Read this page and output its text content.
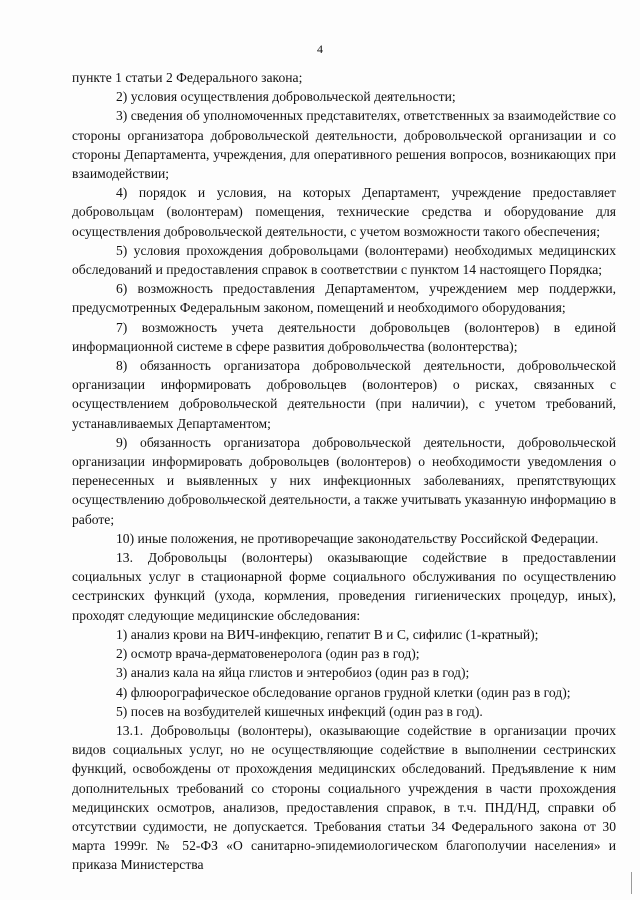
4

пункте 1 статьи 2 Федерального закона;

2) условия осуществления добровольческой деятельности;

3) сведения об уполномоченных представителях, ответственных за взаимодействие со стороны организатора добровольческой деятельности, добровольческой организации и со стороны Департамента, учреждения, для оперативного решения вопросов, возникающих при взаимодействии;

4) порядок и условия, на которых Департамент, учреждение предоставляет добровольцам (волонтерам) помещения, технические средства и оборудование для осуществления добровольческой деятельности, с учетом возможности такого обеспечения;

5) условия прохождения добровольцами (волонтерами) необходимых медицинских обследований и предоставления справок в соответствии с пунктом 14 настоящего Порядка;

6) возможность предоставления Департаментом, учреждением мер поддержки, предусмотренных Федеральным законом, помещений и необходимого оборудования;

7) возможность учета деятельности добровольцев (волонтеров) в единой информационной системе в сфере развития добровольчества (волонтерства);

8) обязанность организатора добровольческой деятельности, добровольческой организации информировать добровольцев (волонтеров) о рисках, связанных с осуществлением добровольческой деятельности (при наличии), с учетом требований, устанавливаемых Департаментом;

9) обязанность организатора добровольческой деятельности, добровольческой организации информировать добровольцев (волонтеров) о необходимости уведомления о перенесенных и выявленных у них инфекционных заболеваниях, препятствующих осуществлению добровольческой деятельности, а также учитывать указанную информацию в работе;

10) иные положения, не противоречащие законодательству Российской Федерации.

13. Добровольцы (волонтеры) оказывающие содействие в предоставлении социальных услуг в стационарной форме социального обслуживания по осуществлению сестринских функций (ухода, кормления, проведения гигиенических процедур, иных), проходят следующие медицинские обследования:

1) анализ крови на ВИЧ-инфекцию, гепатит В и С, сифилис (1-кратный);

2) осмотр врача-дерматовенеролога (один раз в год);

3) анализ кала на яйца глистов и энтеробиоз (один раз в год);

4) флюорографическое обследование органов грудной клетки (один раз в год);

5) посев на возбудителей кишечных инфекций (один раз в год).

13.1. Добровольцы (волонтеры), оказывающие содействие в организации прочих видов социальных услуг, но не осуществляющие содействие в выполнении сестринских функций, освобождены от прохождения медицинских обследований. Предъявление к ним дополнительных требований со стороны социального учреждения в части прохождения медицинских осмотров, анализов, предоставления справок, в т.ч. ПНД/НД, справки об отсутствии судимости, не допускается. Требования статьи 34 Федерального закона от 30 марта 1999г. № 52-ФЗ «О санитарно-эпидемиологическом благополучии населения» и приказа Министерства
